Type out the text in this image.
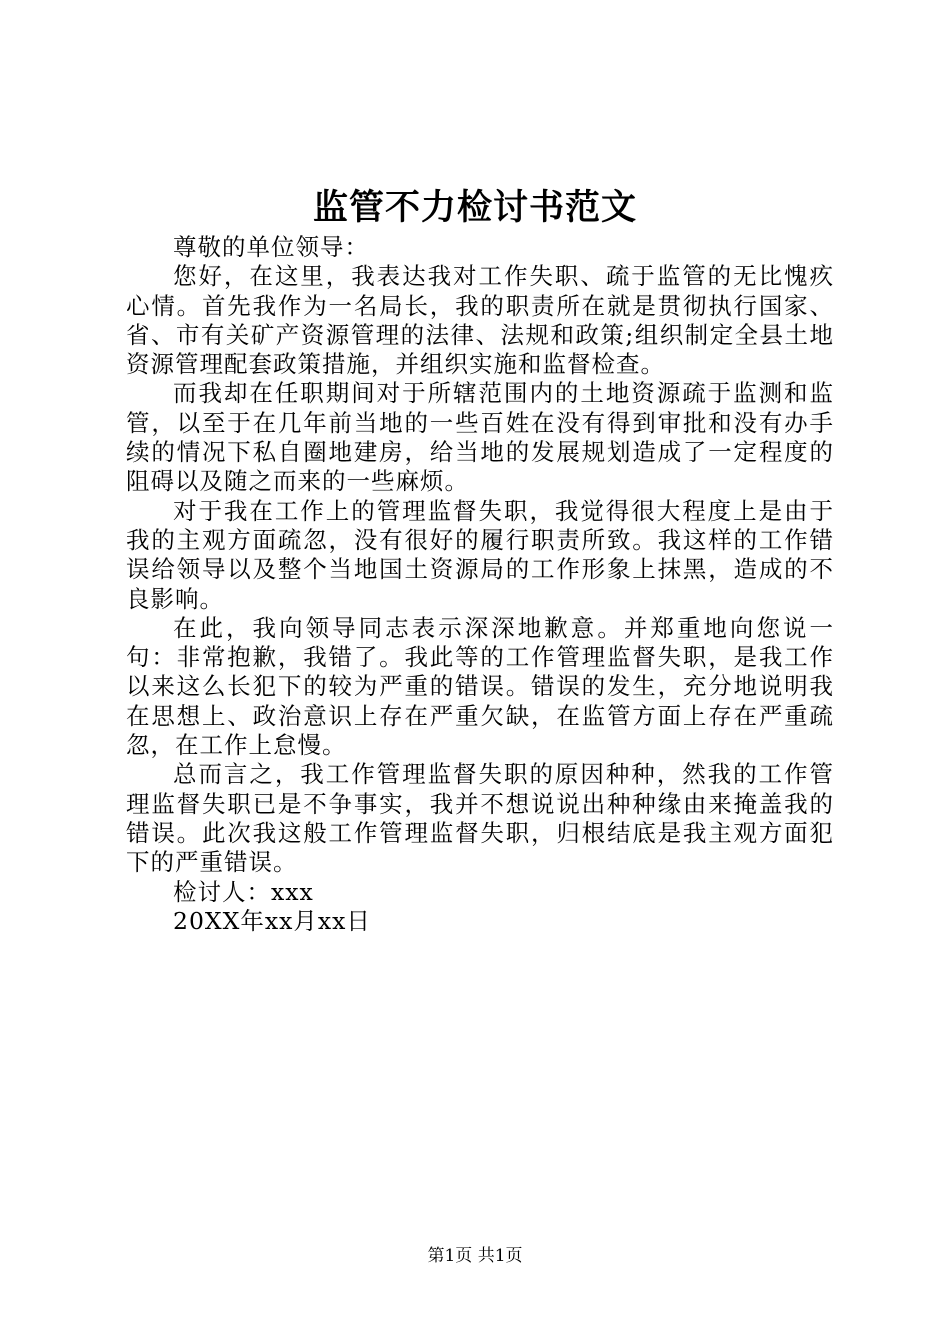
监管不力检讨书范文

尊敬的单位领导：

您好，在这里，我表达我对工作失职、疏于监管的无比愧疚心情。首先我作为一名局长，我的职责所在就是贯彻执行国家、省、市有关矿产资源管理的法律、法规和政策;组织制定全县土地资源管理配套政策措施，并组织实施和监督检查。

而我却在任职期间对于所辖范围内的土地资源疏于监测和监管，以至于在几年前当地的一些百姓在没有得到审批和没有办手续的情况下私自圈地建房，给当地的发展规划造成了一定程度的阻碍以及随之而来的一些麻烦。

对于我在工作上的管理监督失职，我觉得很大程度上是由于我的主观方面疏忽，没有很好的履行职责所致。我这样的工作错误给领导以及整个当地国土资源局的工作形象上抹黑，造成的不良影响。

在此，我向领导同志表示深深地歉意。并郑重地向您说一句：非常抱歉，我错了。我此等的工作管理监督失职，是我工作以来这么长犯下的较为严重的错误。错误的发生，充分地说明我在思想上、政治意识上存在严重欠缺，在监管方面上存在严重疏忽，在工作上怠慢。

总而言之，我工作管理监督失职的原因种种，然我的工作管理监督失职已是不争事实，我并不想说说出种种缘由来掩盖我的错误。此次我这般工作管理监督失职，归根结底是我主观方面犯下的严重错误。

检讨人：xxx

20XX年xx月xx日

第1页 共1页
